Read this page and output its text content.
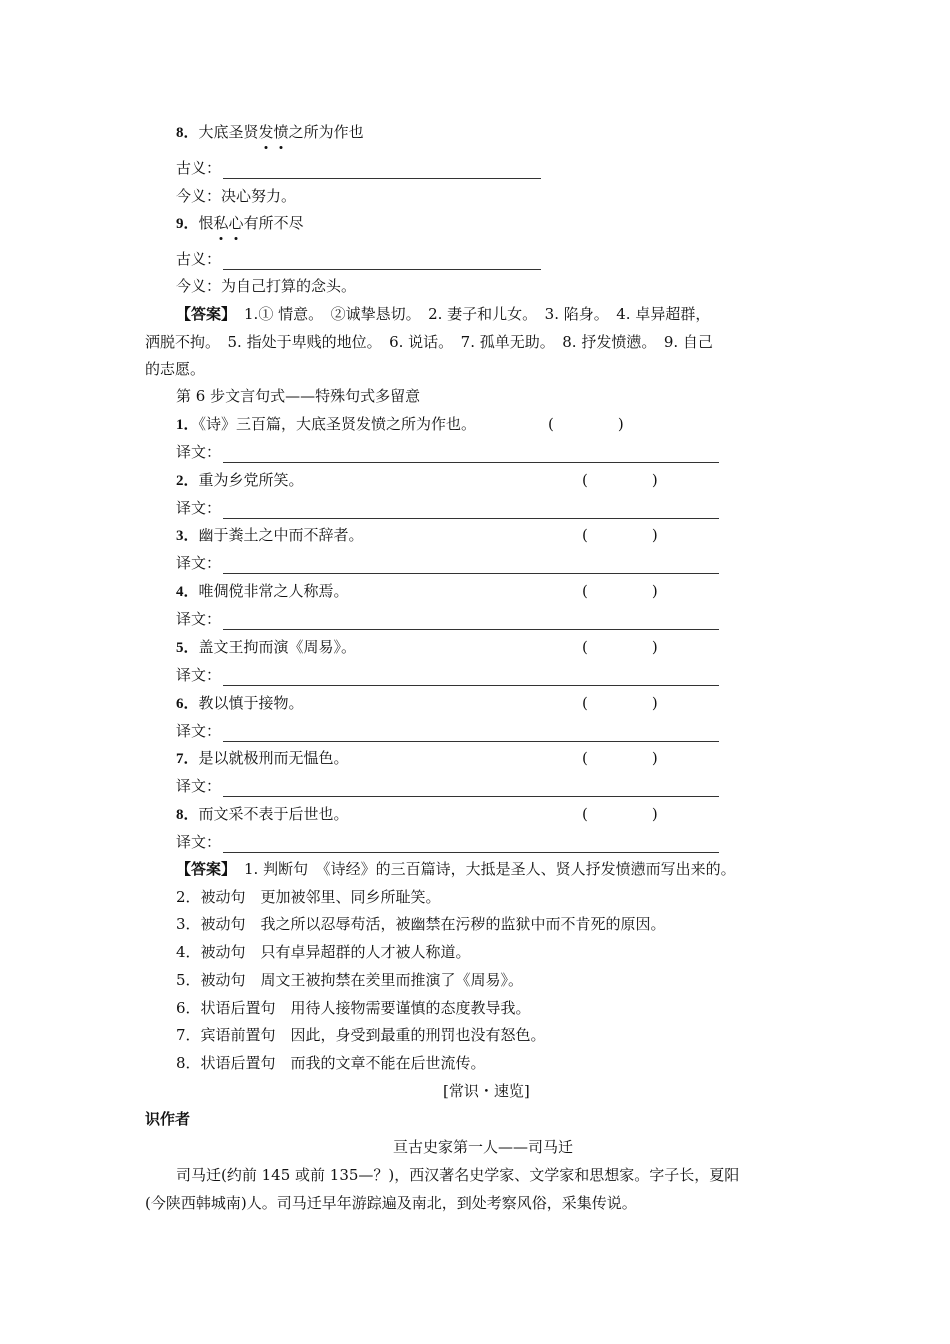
8．大底圣贤发
愤
之所为作也
古义：
今义：决心努力。
9．恨私
心
有所不尽
古义：
今义：为自己打算的念头。
【答案】 1.① 情意。　②诚挚恳切。　2. 妻子和儿女。　3. 陷身。　4. 卓异超群，
洒脱不拘。　5. 指处于卑贱的地位。　6. 说话。　7. 孤单无助。　8. 抒发愤懑。　9. 自己
的志愿。
第 6 步文言句式——特殊句式多留意
1．《诗》三百篇，大底圣贤发愤之所为作也。	(	)
译文：
2．重为乡党所笑。	(	)
译文：
3．幽于粪土之中而不辞者。	(	)
译文：
4．唯倜傥非常之人称焉。	(	)
译文：
5．盖文王拘而演《周易》。	(	)
译文：
6．教以慎于接物。	(	)
译文：
7．是以就极刑而无愠色。	(	)
译文：
8．而文采不表于后世也。	(	)
译文：
【答案】 1. 判断句　《诗经》的三百篇诗，大抵是圣人、贤人抒发愤懑而写出来的。
2．被动句　更加被邻里、同乡所耻笑。
3．被动句　我之所以忍辱苟活，被幽禁在污秽的监狱中而不肯死的原因。
4．被动句　只有卓异超群的人才被人称道。
5．被动句　周文王被拘禁在羑里而推演了《周易》。
6．状语后置句　用待人接物需要谨慎的态度教导我。
7．宾语前置句　因此，身受到最重的刑罚也没有怒色。
8．状语后置句　而我的文章不能在后世流传。
[常识・速览]
识作者
亘古史家第一人——司马迁
司马迁(约前 145 或前 135—？)，西汉著名史学家、文学家和思想家。字子长，夏阳
(今陕西韩城南)人。司马迁早年游踪遍及南北，到处考察风俗，采集传说。
